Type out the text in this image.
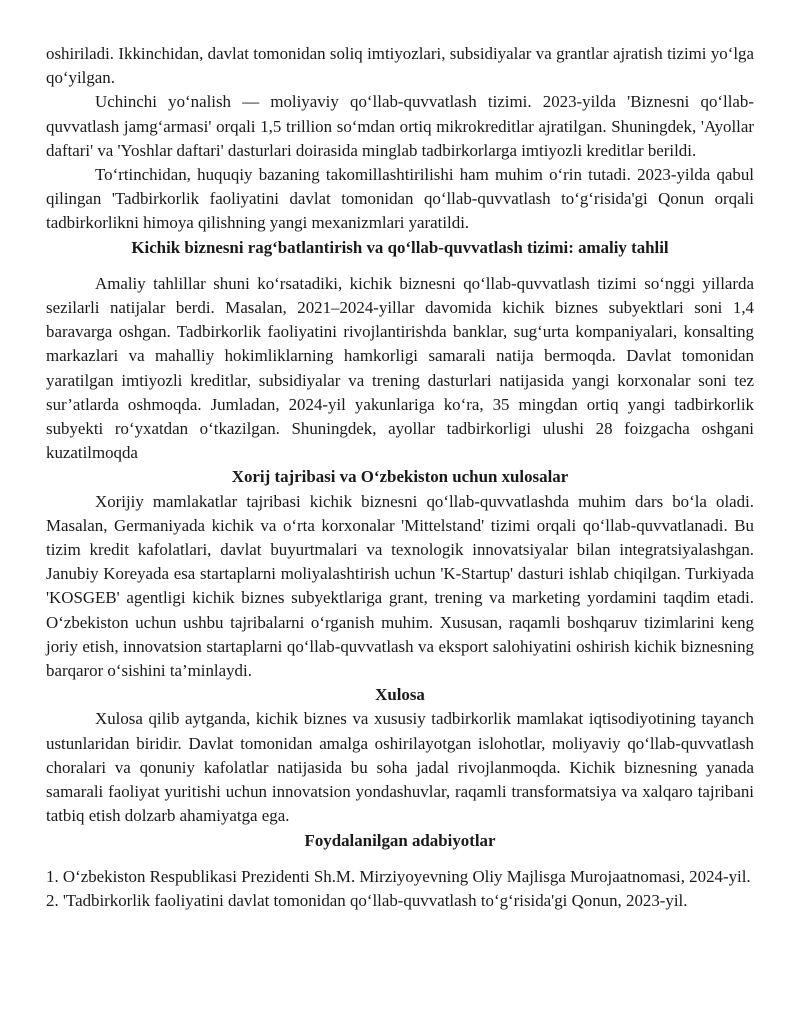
oshiriladi. Ikkinchidan, davlat tomonidan soliq imtiyozlari, subsidiyalar va grantlar ajratish tizimi yo‘lga qo‘yilgan.

Uchinchi yo‘nalish — moliyaviy qo‘llab-quvvatlash tizimi. 2023-yilda 'Biznesni qo‘llab-quvvatlash jamg‘armasi' orqali 1,5 trillion so‘mdan ortiq mikrokreditlar ajratilgan. Shuningdek, 'Ayollar daftari' va 'Yoshlar daftari' dasturlari doirasida minglab tadbirkorlarga imtiyozli kreditlar berildi.

To‘rtinchidan, huquqiy bazaning takomillashtirilishi ham muhim o‘rin tutadi. 2023-yilda qabul qilingan 'Tadbirkorlik faoliyatini davlat tomonidan qo‘llab-quvvatlash to‘g‘risida'gi Qonun orqali tadbirkorlikni himoya qilishning yangi mexanizmlari yaratildi.

Kichik biznesni rag‘batlantirish va qo‘llab-quvvatlash tizimi: amaliy tahlil

Amaliy tahlillar shuni ko‘rsatadiki, kichik biznesni qo‘llab-quvvatlash tizimi so‘nggi yillarda sezilarli natijalar berdi. Masalan, 2021–2024-yillar davomida kichik biznes subyektlari soni 1,4 baravarga oshgan. Tadbirkorlik faoliyatini rivojlantirishda banklar, sug‘urta kompaniyalari, konsalting markazlari va mahalliy hokimliklarning hamkorligi samarali natija bermoqda. Davlat tomonidan yaratilgan imtiyozli kreditlar, subsidiyalar va trening dasturlari natijasida yangi korxonalar soni tez sur’atlarda oshmoqda. Jumladan, 2024-yil yakunlariga ko‘ra, 35 mingdan ortiq yangi tadbirkorlik subyekti ro‘yxatdan o‘tkazilgan. Shuningdek, ayollar tadbirkorligi ulushi 28 foizgacha oshgani kuzatilmoqda

Xorij tajribasi va O‘zbekiston uchun xulosalar

Xorijiy mamlakatlar tajribasi kichik biznesni qo‘llab-quvvatlashda muhim dars bo‘la oladi. Masalan, Germaniyada kichik va o‘rta korxonalar 'Mittelstand' tizimi orqali qo‘llab-quvvatlanadi. Bu tizim kredit kafolatlari, davlat buyurtmalari va texnologik innovatsiyalar bilan integratsiyalashgan. Janubiy Koreyada esa startaplarni moliyalashtirish uchun 'K-Startup' dasturi ishlab chiqilgan. Turkiyada 'KOSGEB' agentligi kichik biznes subyektlariga grant, trening va marketing yordamini taqdim etadi. O‘zbekiston uchun ushbu tajribalarni o‘rganish muhim. Xususan, raqamli boshqaruv tizimlarini keng joriy etish, innovatsion startaplarni qo‘llab-quvvatlash va eksport salohiyatini oshirish kichik biznesning barqaror o‘sishini ta’minlaydi.

Xulosa

Xulosa qilib aytganda, kichik biznes va xususiy tadbirkorlik mamlakat iqtisodiyotining tayanch ustunlaridan biridir. Davlat tomonidan amalga oshirilayotgan islohotlar, moliyaviy qo‘llab-quvvatlash choralari va qonuniy kafolatlar natijasida bu soha jadal rivojlanmoqda. Kichik biznesning yanada samarali faoliyat yuritishi uchun innovatsion yondashuvlar, raqamli transformatsiya va xalqaro tajribani tatbiq etish dolzarb ahamiyatga ega.

Foydalanilgan adabiyotlar
1. O‘zbekiston Respublikasi Prezidenti Sh.M. Mirziyoyevning Oliy Majlisga Murojaatnomasi, 2024-yil.
2. 'Tadbirkorlik faoliyatini davlat tomonidan qo‘llab-quvvatlash to‘g‘risida'gi Qonun, 2023-yil.
